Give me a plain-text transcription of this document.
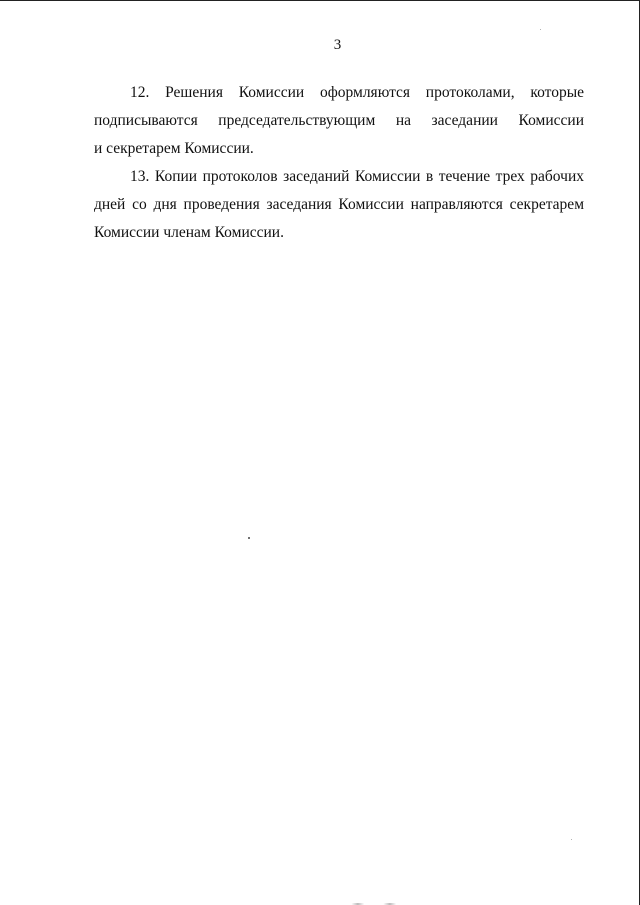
3
12. Решения Комиссии оформляются протоколами, которые
подписываются председательствующим на заседании Комиссии
и секретарем Комиссии.
13. Копии протоколов заседаний Комиссии в течение трех рабочих
дней со дня проведения заседания Комиссии направляются секретарем
Комиссии членам Комиссии.
